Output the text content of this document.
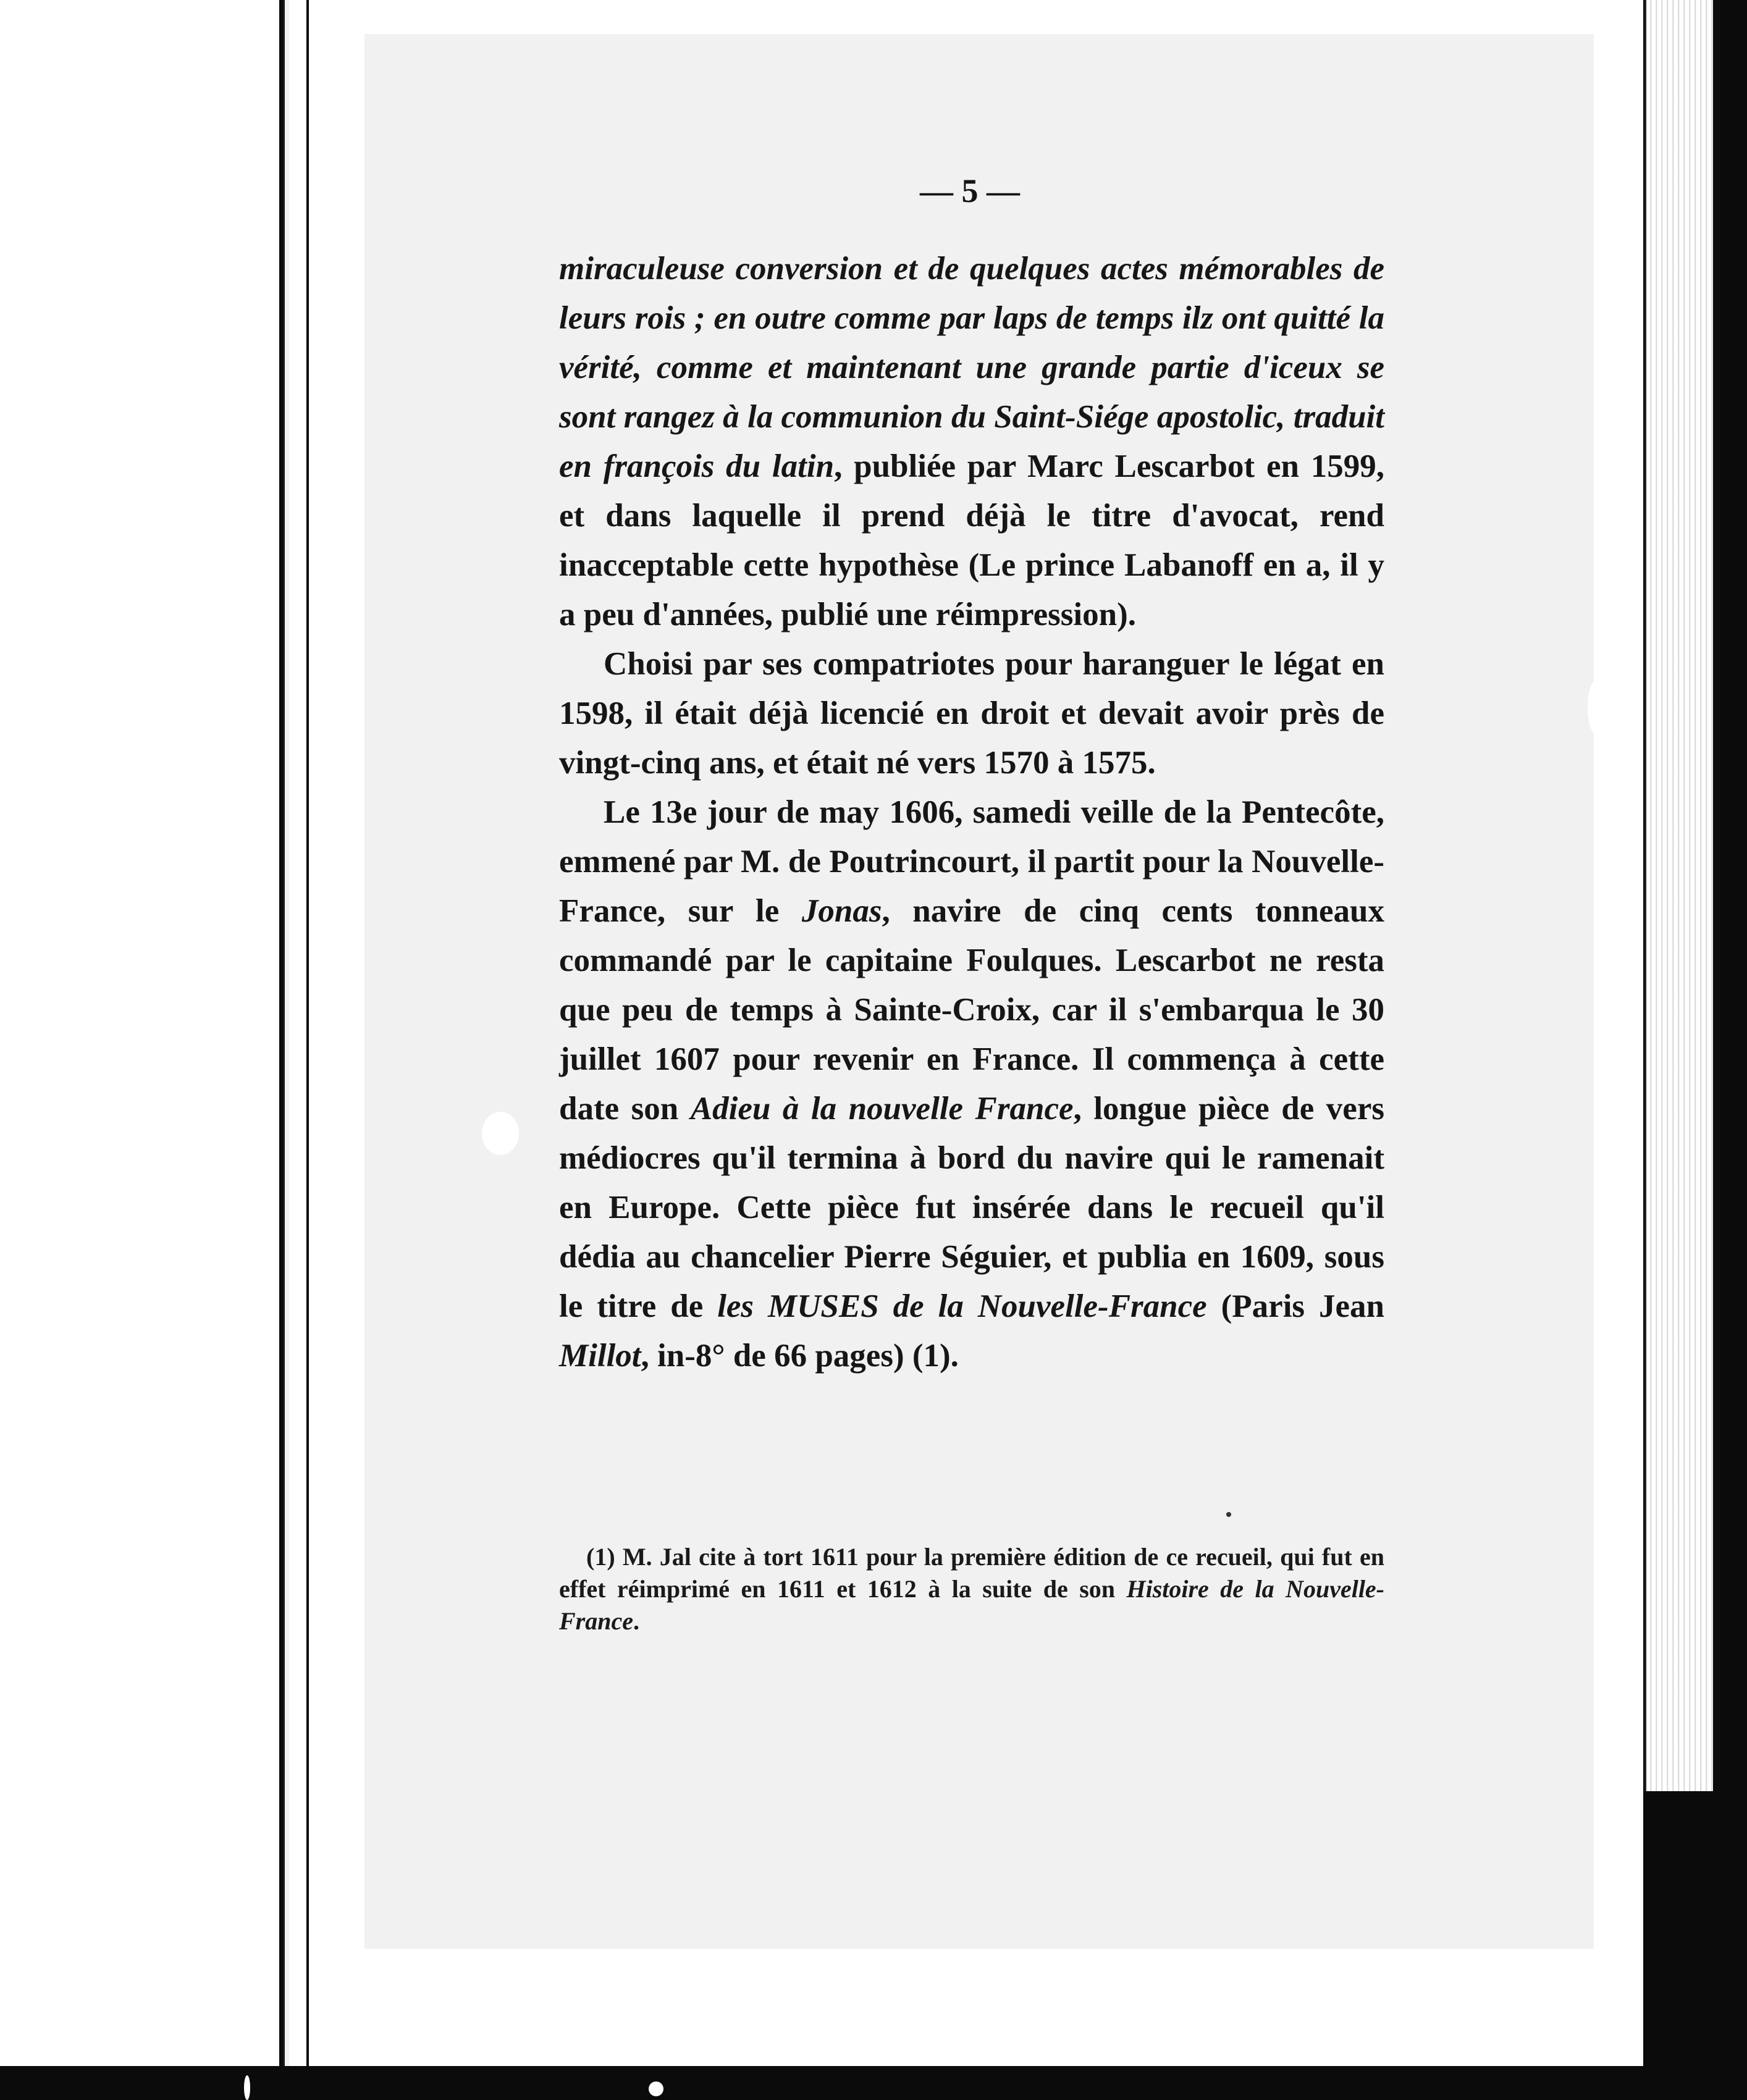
— 5 —

miraculeuse conversion et de quelques actes mémorables de leurs rois ; en outre comme par laps de temps ilz ont quitté la vérité, comme et maintenant une grande partie d'iceux se sont rangez à la communion du Saint-Siége apostolic, traduit en françois du latin, publiée par Marc Lescarbot en 1599, et dans laquelle il prend déjà le titre d'avocat, rend inacceptable cette hypothèse (Le prince Labanoff en a, il y a peu d'années, publié une réimpression).

Choisi par ses compatriotes pour haranguer le légat en 1598, il était déjà licencié en droit et devait avoir près de vingt-cinq ans, et était né vers 1570 à 1575.

Le 13e jour de may 1606, samedi veille de la Pentecôte, emmené par M. de Poutrincourt, il partit pour la Nouvelle-France, sur le Jonas, navire de cinq cents tonneaux commandé par le capitaine Foulques. Lescarbot ne resta que peu de temps à Sainte-Croix, car il s'embarqua le 30 juillet 1607 pour revenir en France. Il commença à cette date son Adieu à la nouvelle France, longue pièce de vers médiocres qu'il termina à bord du navire qui le ramenait en Europe. Cette pièce fut insérée dans le recueil qu'il dédia au chancelier Pierre Séguier, et publia en 1609, sous le titre de les MUSES de la Nouvelle-France (Paris Jean Millot, in-8° de 66 pages) (1).

(1) M. Jal cite à tort 1611 pour la première édition de ce recueil, qui fut en effet réimprimé en 1611 et 1612 à la suite de son Histoire de la Nouvelle-France.
